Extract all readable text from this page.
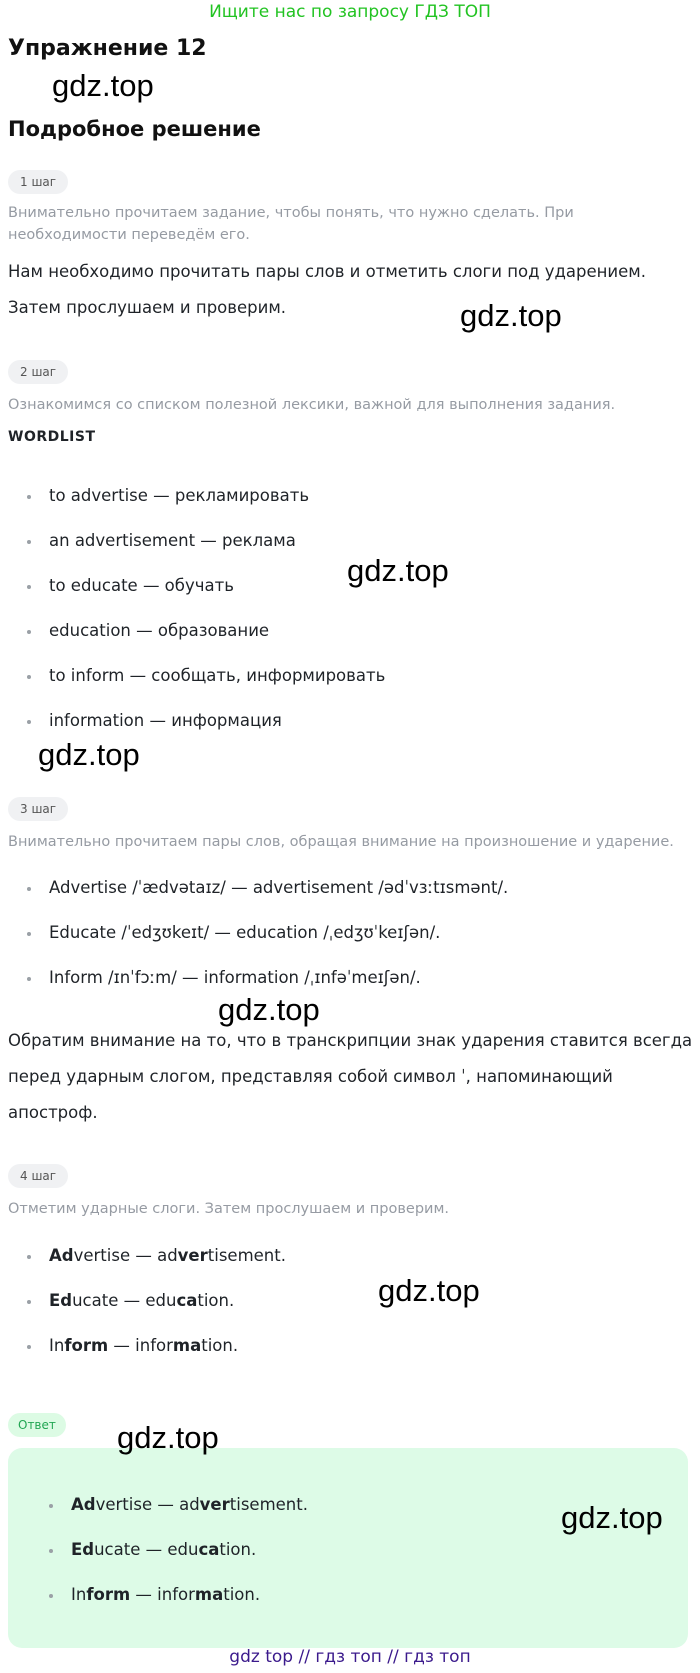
Ищите нас по запросу ГДЗ ТОП
Упражнение 12
gdz.top
Подробное решение
1 шаг
Внимательно прочитаем задание, чтобы понять, что нужно сделать. При необходимости переведём его.
Нам необходимо прочитать пары слов и отметить слоги под ударением. Затем прослушаем и проверим.	gdz.top
2 шаг
Ознакомимся со списком полезной лексики, важной для выполнения задания.
WORDLIST
to advertise — рекламировать
an advertisement — реклама
to educate — обучать
education — образование
to inform — сообщать, информировать
information — информация
gdz.top
gdz.top
3 шаг
Внимательно прочитаем пары слов, обращая внимание на произношение и ударение.
Advertise /ˈædvətaɪz/ — advertisement /ədˈvɜːtɪsmənt/.
Educate /ˈedʒʊkeɪt/ — education /ˌedʒʊˈkeɪʃən/.
Inform /ɪnˈfɔːm/ — information /ˌɪnfəˈmeɪʃən/.
gdz.top
Обратим внимание на то, что в транскрипции знак ударения ставится всегда перед ударным слогом, представляя собой символ ˈ, напоминающий апостроф.
4 шаг
Отметим ударные слоги. Затем прослушаем и проверим.
Advertise — advertisement.
Educate — education.
Inform — information.
gdz.top
Ответ
Advertise — advertisement.
Educate — education.
Inform — information.
gdz.top
gdz.top
gdz top // гдз топ // гдз топ
